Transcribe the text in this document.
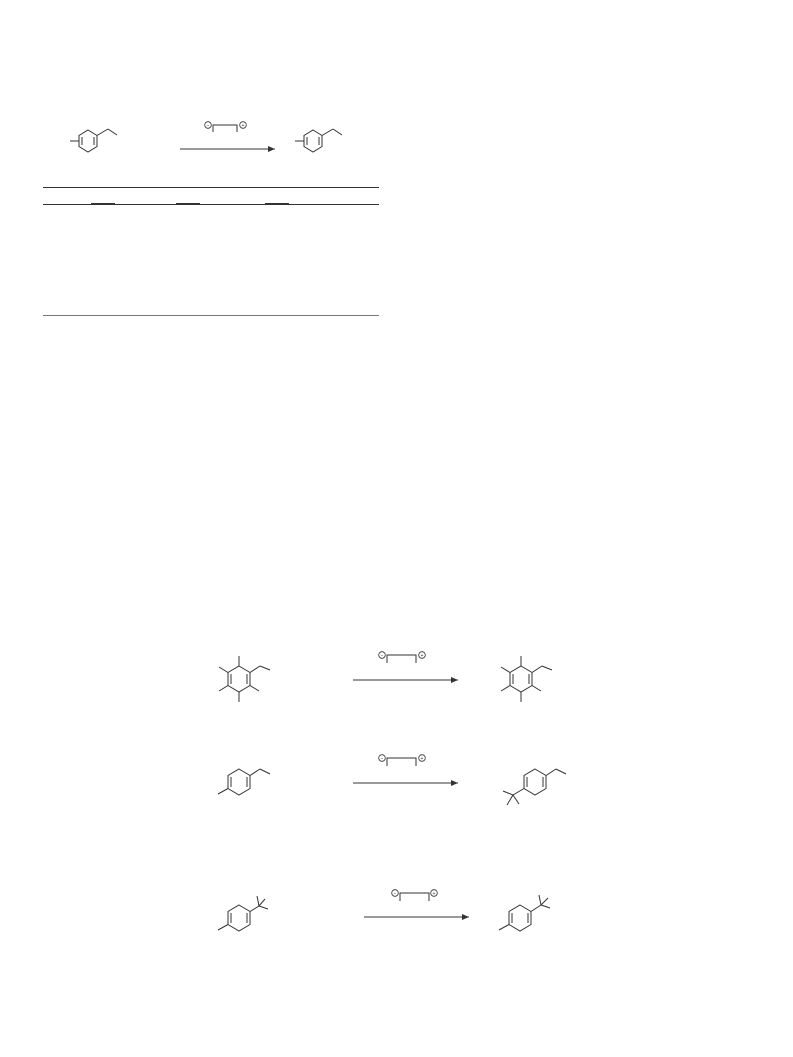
−	+
−	+
−	+
−	+
